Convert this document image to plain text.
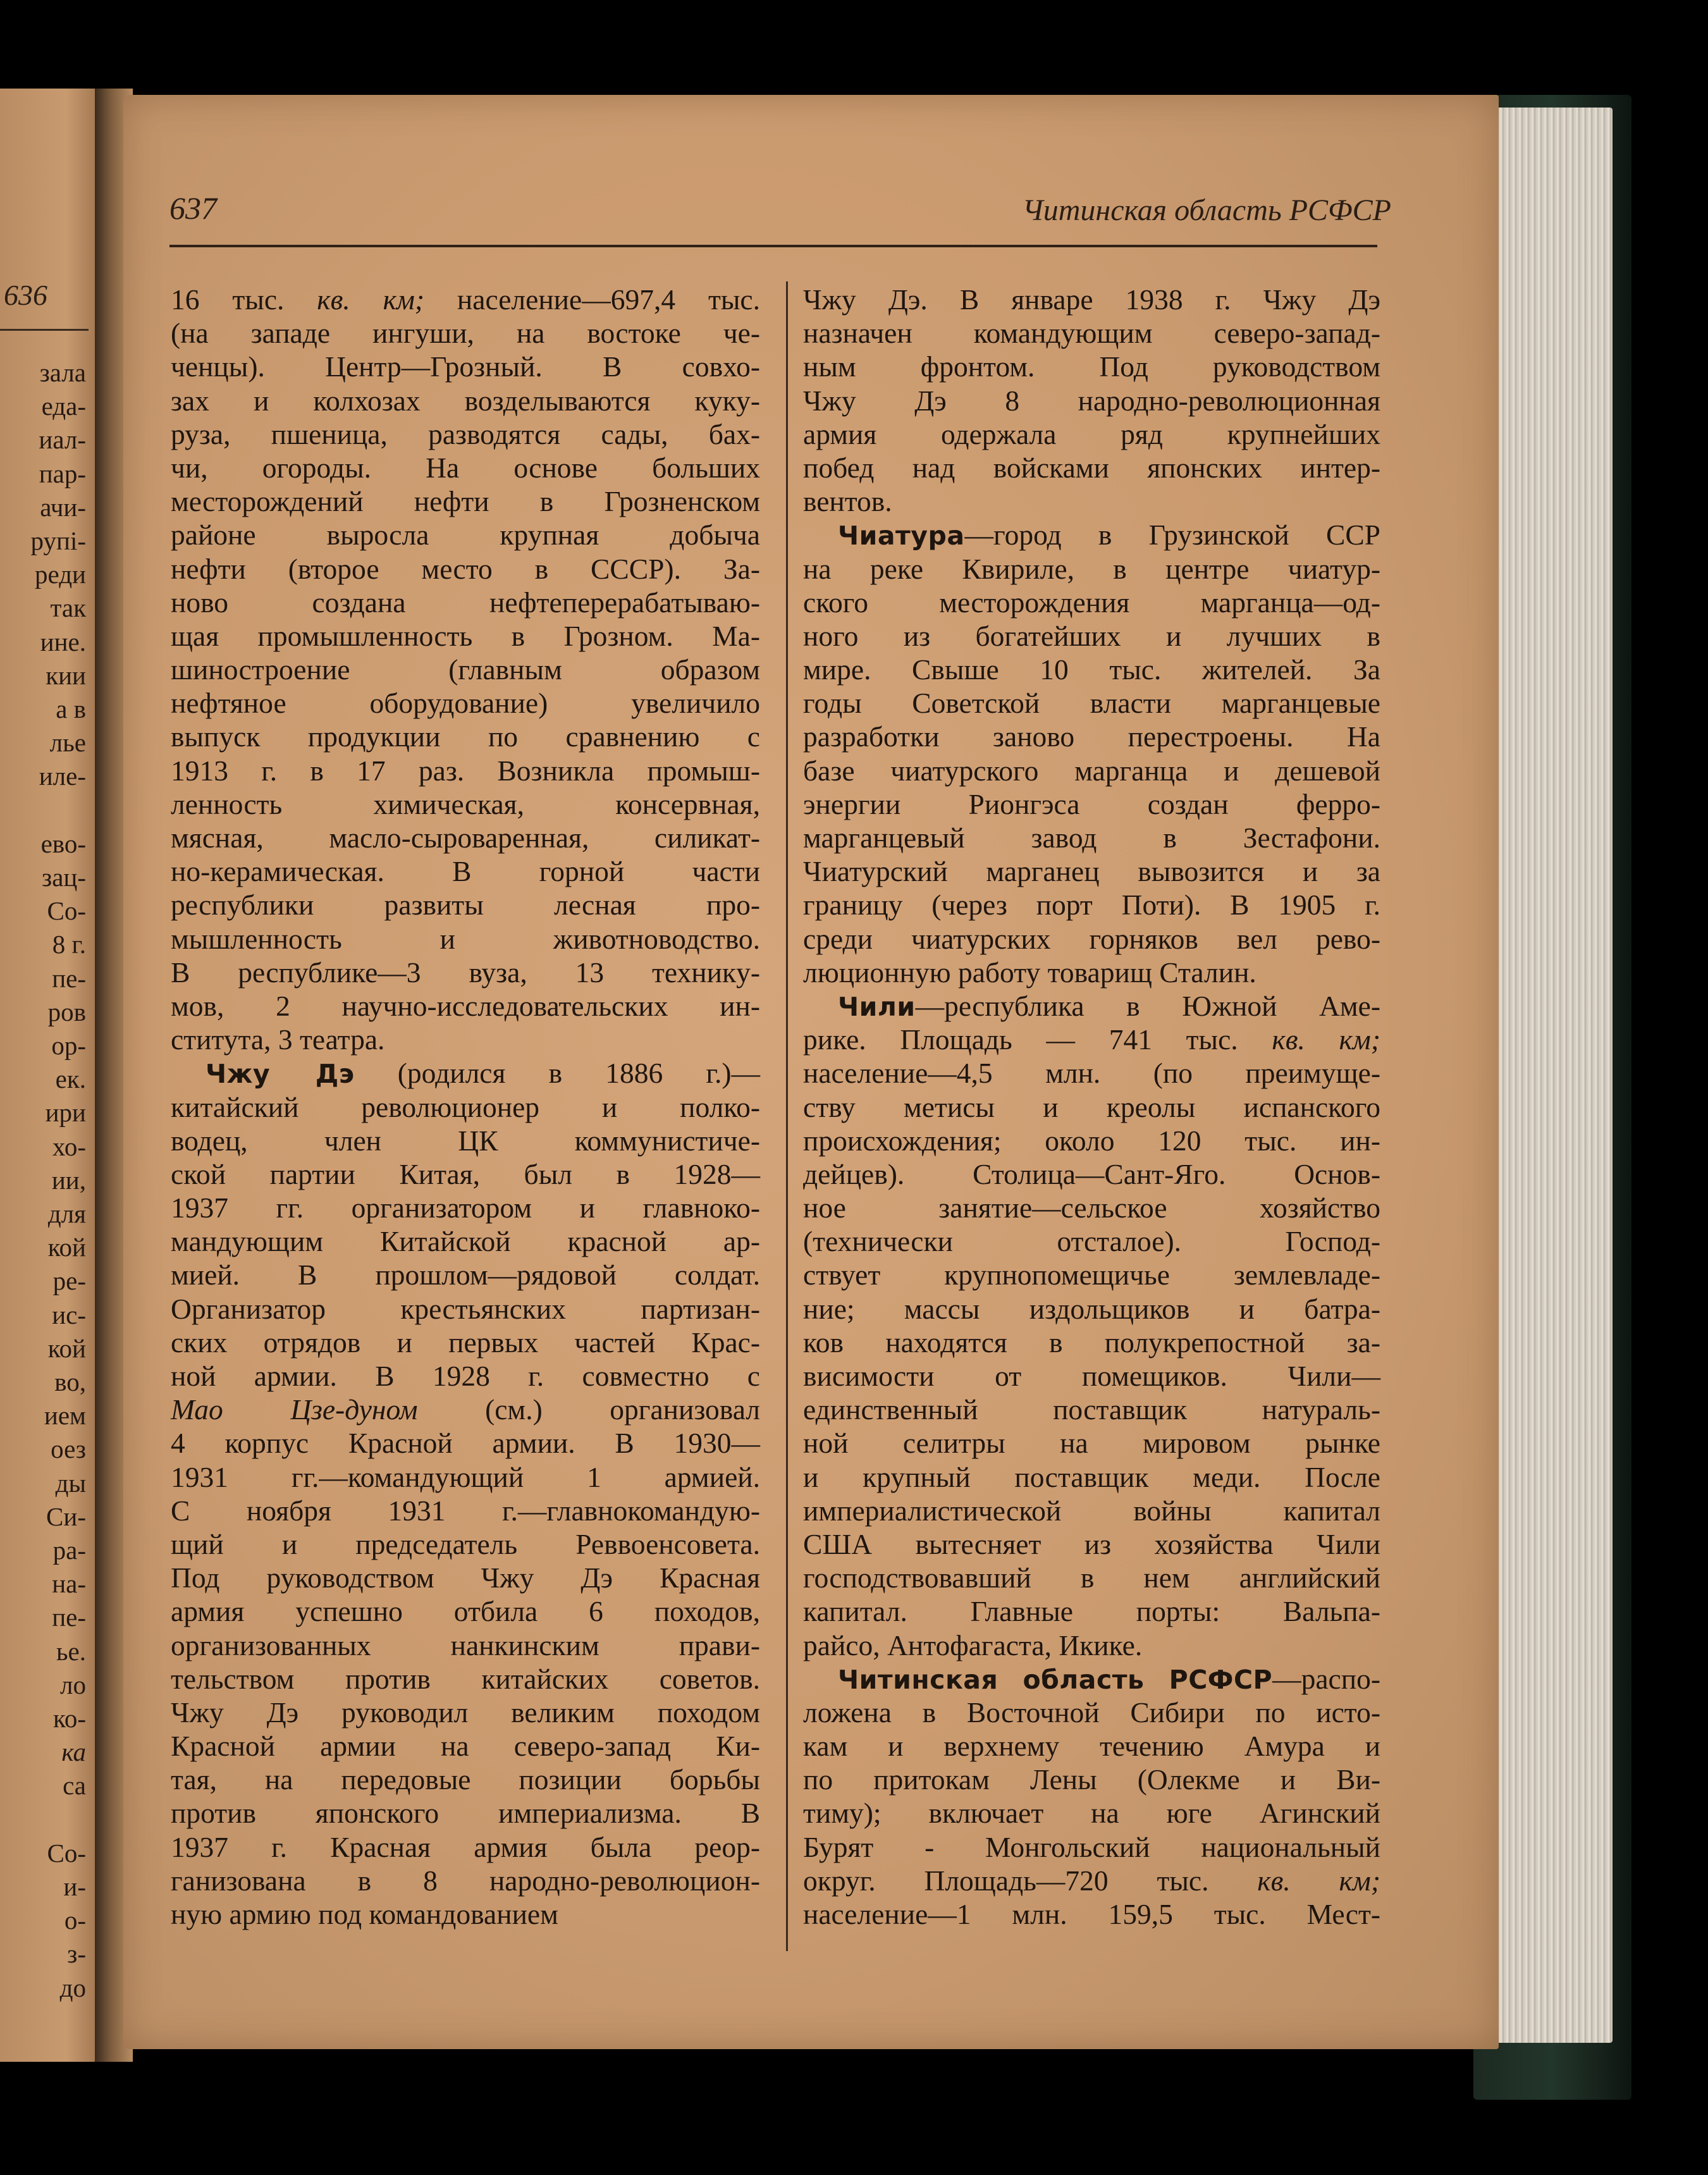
636
зала
еда-
иал-
пар-
ачи-
рупі-
реди
так
ине.
кии
а в
лье
иле-
ево-
зац-
Со-
8 г.
пе-
ров
ор-
ек.
ири
хо-
ии,
для
кой
ре-
ис-
кой
во,
ием
оез
ды
Си-
ра-
на-
пе-
ье.
ло
ко-
ка
са
Со-
и-
о-
з-
до
637	Читинская область РСФСР
16 тыс. кв. км; население—697,4 тыс.
(на западе ингуши, на востоке че-
ченцы). Центр—Грозный. В совхо-
зах и колхозах возделываются куку-
руза, пшеница, разводятся сады, бах-
чи, огороды. На основе больших
месторождений нефти в Грозненском
районе выросла крупная добыча
нефти (второе место в СССР). За-
ново создана нефтеперерабатываю-
щая промышленность в Грозном. Ма-
шиностроение (главным образом
нефтяное оборудование) увеличило
выпуск продукции по сравнению с
1913 г. в 17 раз. Возникла промыш-
ленность химическая, консервная,
мясная, масло-сыроваренная, силикат-
но-керамическая. В горной части
республики развиты лесная про-
мышленность и животноводство.
В республике—3 вуза, 13 техникy-
мов, 2 научно-исследовательских ин-
ститута, 3 театра.
Чжу Дэ (родился в 1886 г.)—
китайский революционер и полко-
водец, член ЦК коммунистиче-
ской партии Китая, был в 1928—
1937 гг. организатором и главноко-
мандующим Китайской красной ар-
мией. В прошлом—рядовой солдат.
Организатор крестьянских партизан-
ских отрядов и первых частей Крас-
ной армии. В 1928 г. совместно с
Мао Цзе-дуном (см.) организовал
4 корпус Красной армии. В 1930—
1931 гг.—командующий 1 армией.
С ноября 1931 г.—главнокомандую-
щий и председатель Реввоенсовета.
Под руководством Чжу Дэ Красная
армия успешно отбила 6 походов,
организованных нанкинским прави-
тельством против китайских советов.
Чжу Дэ руководил великим походом
Красной армии на северо-запад Ки-
тая, на передовые позиции борьбы
против японского империализма. В
1937 г. Красная армия была реор-
ганизована в 8 народно-революцион-
ную армию под командованием
Чжу Дэ. В январе 1938 г. Чжу Дэ
назначен командующим северо-запад-
ным фронтом. Под руководством
Чжу Дэ 8 народно-революционная
армия одержала ряд крупнейших
побед над войсками японских интер-
вентов.
Чиатура—город в Грузинской ССР
на реке Квириле, в центре чиатур-
ского месторождения марганца—од-
ного из богатейших и лучших в
мире. Свыше 10 тыс. жителей. За
годы Советской власти марганцевые
разработки заново перестроены. На
базе чиатурского марганца и дешевой
энергии Рионгэса создан ферро-
марганцевый завод в Зестафони.
Чиатурский марганец вывозится и за
границу (через порт Поти). В 1905 г.
среди чиатурских горняков вел рево-
люционную работу товарищ Сталин.
Чили—республика в Южной Аме-
рике. Площадь — 741 тыс. кв. км;
население—4,5 млн. (по преимуще-
ству метисы и креолы испанского
происхождения; около 120 тыс. ин-
дейцев). Столица—Сант-Яго. Основ-
ное занятие—сельское хозяйство
(технически отсталое). Господ-
ствует крупнопомещичье землевладе-
ние; массы издольщиков и батра-
ков находятся в полукрепостной за-
висимости от помещиков. Чили—
единственный поставщик натураль-
ной селитры на мировом рынке
и крупный поставщик меди. После
империалистической войны капитал
США вытесняет из хозяйства Чили
господствовавший в нем английский
капитал. Главные порты: Вальпа-
райсо, Антофагаста, Икике.
Читинская область РСФСР—распо-
ложена в Восточной Сибири по исто-
кам и верхнему течению Амура и
по притокам Лены (Олекме и Ви-
тиму); включает на юге Агинский
Бурят - Монгольский национальный
округ. Площадь—720 тыс. кв. км;
население—1 млн. 159,5 тыс. Мест-
